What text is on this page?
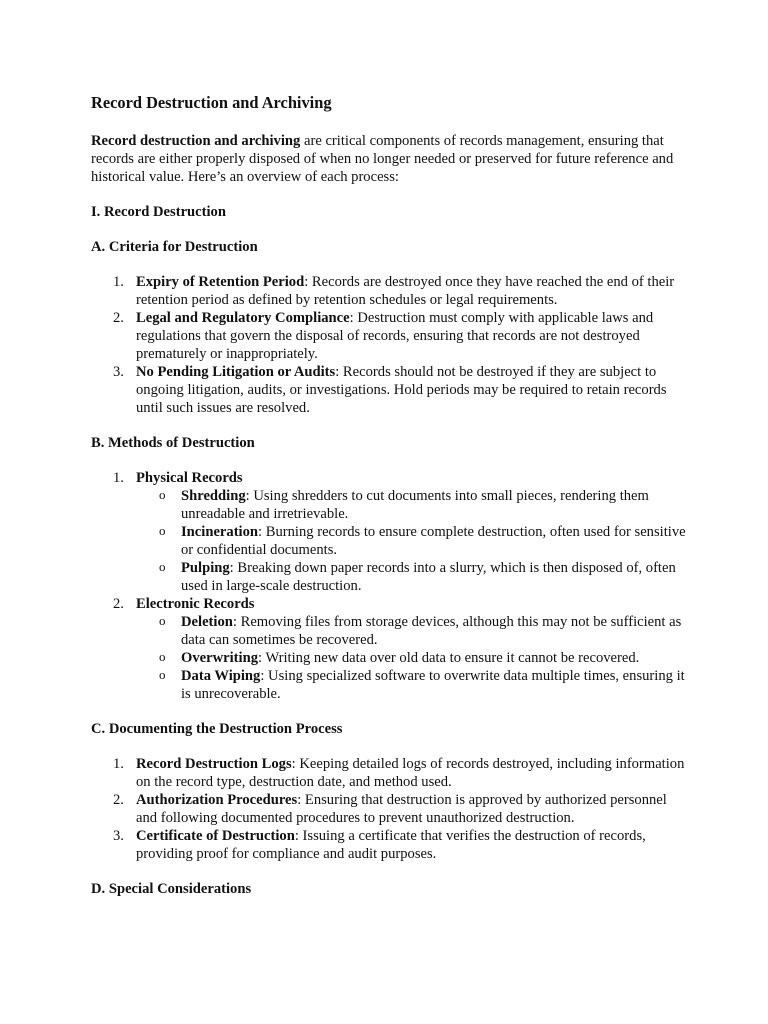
Record Destruction and Archiving

Record destruction and archiving are critical components of records management, ensuring that records are either properly disposed of when no longer needed or preserved for future reference and historical value. Here’s an overview of each process:

I. Record Destruction
A. Criteria for Destruction
1. Expiry of Retention Period: Records are destroyed once they have reached the end of their retention period as defined by retention schedules or legal requirements.
2. Legal and Regulatory Compliance: Destruction must comply with applicable laws and regulations that govern the disposal of records, ensuring that records are not destroyed prematurely or inappropriately.
3. No Pending Litigation or Audits: Records should not be destroyed if they are subject to ongoing litigation, audits, or investigations. Hold periods may be required to retain records until such issues are resolved.
B. Methods of Destruction
1. Physical Records
o Shredding: Using shredders to cut documents into small pieces, rendering them unreadable and irretrievable.
o Incineration: Burning records to ensure complete destruction, often used for sensitive or confidential documents.
o Pulping: Breaking down paper records into a slurry, which is then disposed of, often used in large-scale destruction.
2. Electronic Records
o Deletion: Removing files from storage devices, although this may not be sufficient as data can sometimes be recovered.
o Overwriting: Writing new data over old data to ensure it cannot be recovered.
o Data Wiping: Using specialized software to overwrite data multiple times, ensuring it is unrecoverable.
C. Documenting the Destruction Process
1. Record Destruction Logs: Keeping detailed logs of records destroyed, including information on the record type, destruction date, and method used.
2. Authorization Procedures: Ensuring that destruction is approved by authorized personnel and following documented procedures to prevent unauthorized destruction.
3. Certificate of Destruction: Issuing a certificate that verifies the destruction of records, providing proof for compliance and audit purposes.
D. Special Considerations
